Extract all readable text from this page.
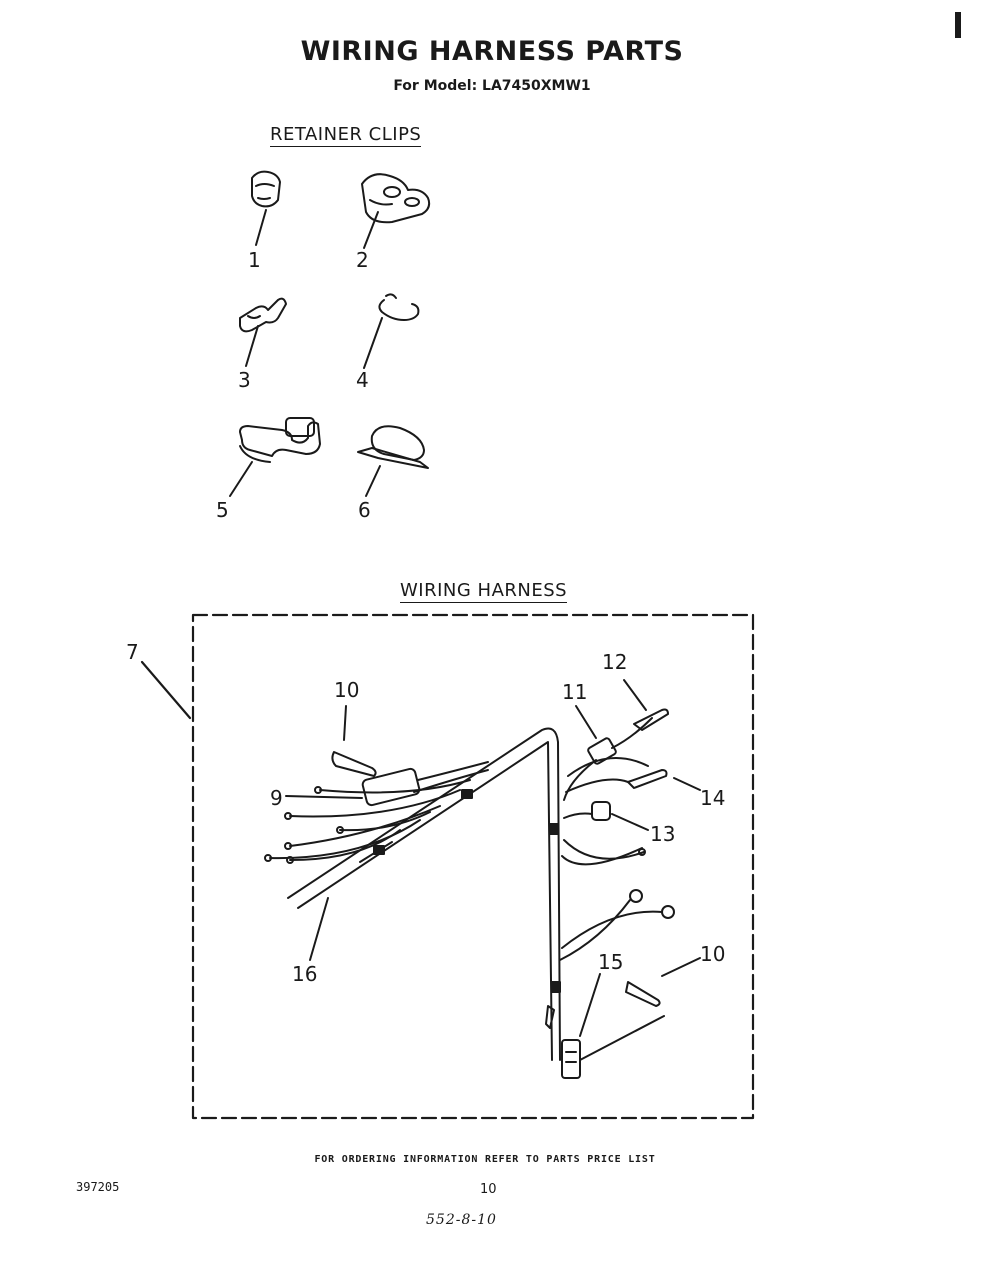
WIRING HARNESS PARTS
For Model: LA7450XMW1
RETAINER CLIPS
WIRING HARNESS
1	2
3	4
5	6
7
10
9
11
12
14
13
10
15
16
FOR ORDERING INFORMATION REFER TO PARTS PRICE LIST
397205	10
552-8-10
